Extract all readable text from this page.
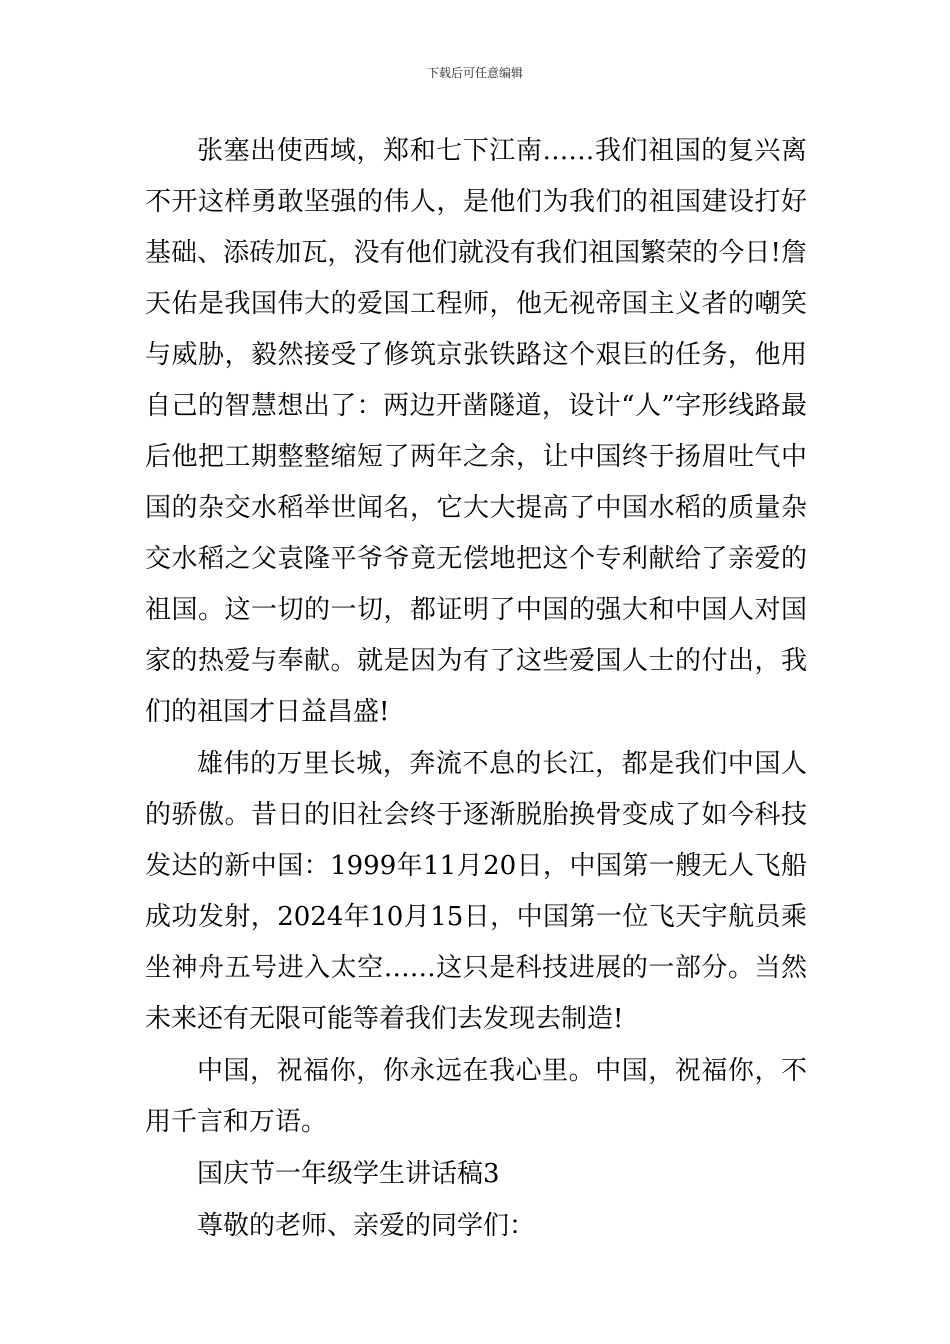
下载后可任意编辑

张塞出使西域，郑和七下江南……我们祖国的复兴离不开这样勇敢坚强的伟人，是他们为我们的祖国建设打好基础、添砖加瓦，没有他们就没有我们祖国繁荣的今日!詹天佑是我国伟大的爱国工程师，他无视帝国主义者的嘲笑与威胁，毅然接受了修筑京张铁路这个艰巨的任务，他用自己的智慧想出了：两边开凿隧道，设计“人”字形线路最后他把工期整整缩短了两年之余，让中国终于扬眉吐气中国的杂交水稻举世闻名，它大大提高了中国水稻的质量杂交水稻之父袁隆平爷爷竟无偿地把这个专利献给了亲爱的祖国。这一切的一切，都证明了中国的强大和中国人对国家的热爱与奉献。就是因为有了这些爱国人士的付出，我们的祖国才日益昌盛!

雄伟的万里长城，奔流不息的长江，都是我们中国人的骄傲。昔日的旧社会终于逐渐脱胎换骨变成了如今科技发达的新中国：1999年11月20日，中国第一艘无人飞船成功发射，2024年10月15日，中国第一位飞天宇航员乘坐神舟五号进入太空……这只是科技进展的一部分。当然未来还有无限可能等着我们去发现去制造!

中国，祝福你，你永远在我心里。中国，祝福你，不用千言和万语。

国庆节一年级学生讲话稿3

尊敬的老师、亲爱的同学们：
